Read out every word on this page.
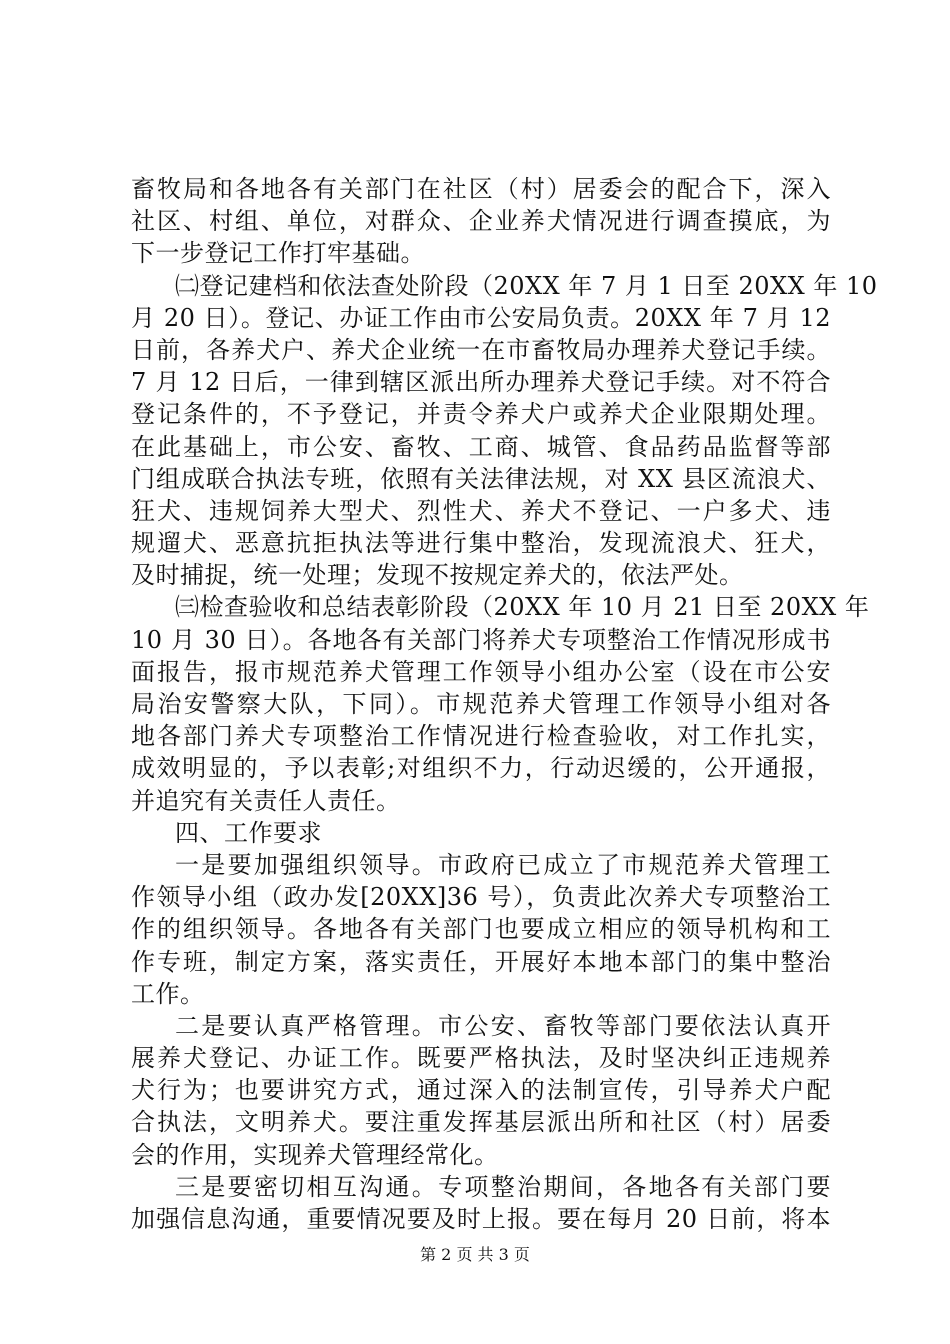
畜牧局和各地各有关部门在社区（村）居委会的配合下，深入
社区、村组、单位，对群众、企业养犬情况进行调查摸底，为
下一步登记工作打牢基础。
㈡登记建档和依法查处阶段（20XX 年 7 月 1 日至 20XX 年 10
月 20 日）。登记、办证工作由市公安局负责。20XX 年 7 月 12
日前，各养犬户、养犬企业统一在市畜牧局办理养犬登记手续。
7 月 12 日后，一律到辖区派出所办理养犬登记手续。对不符合
登记条件的，不予登记，并责令养犬户或养犬企业限期处理。
在此基础上，市公安、畜牧、工商、城管、食品药品监督等部
门组成联合执法专班，依照有关法律法规，对 XX 县区流浪犬、
狂犬、违规饲养大型犬、烈性犬、养犬不登记、一户多犬、违
规遛犬、恶意抗拒执法等进行集中整治，发现流浪犬、狂犬，
及时捕捉，统一处理；发现不按规定养犬的，依法严处。
㈢检查验收和总结表彰阶段（20XX 年 10 月 21 日至 20XX 年
10 月 30 日）。各地各有关部门将养犬专项整治工作情况形成书
面报告，报市规范养犬管理工作领导小组办公室（设在市公安
局治安警察大队，下同）。市规范养犬管理工作领导小组对各
地各部门养犬专项整治工作情况进行检查验收，对工作扎实，
成效明显的，予以表彰;对组织不力，行动迟缓的，公开通报，
并追究有关责任人责任。
四、工作要求
一是要加强组织领导。市政府已成立了市规范养犬管理工
作领导小组（政办发[20XX]36 号），负责此次养犬专项整治工
作的组织领导。各地各有关部门也要成立相应的领导机构和工
作专班，制定方案，落实责任，开展好本地本部门的集中整治
工作。
二是要认真严格管理。市公安、畜牧等部门要依法认真开
展养犬登记、办证工作。既要严格执法，及时坚决纠正违规养
犬行为；也要讲究方式，通过深入的法制宣传，引导养犬户配
合执法，文明养犬。要注重发挥基层派出所和社区（村）居委
会的作用，实现养犬管理经常化。
三是要密切相互沟通。专项整治期间，各地各有关部门要
加强信息沟通，重要情况要及时上报。要在每月 20 日前，将本
第 2 页 共 3 页
